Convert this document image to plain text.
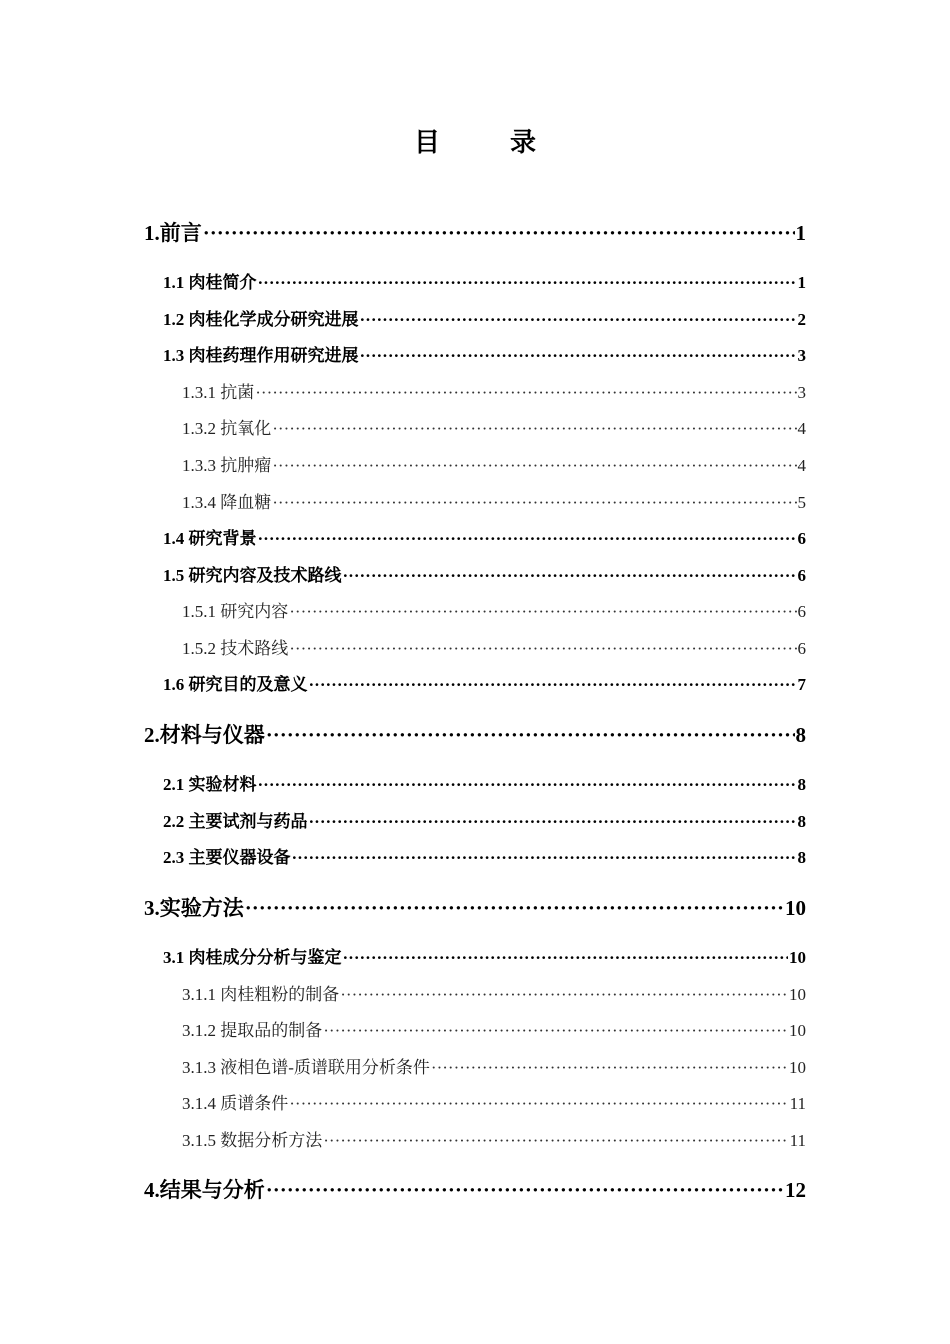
目　录
1.前言 ·····	1
1.1 肉桂简介 ·····	1
1.2 肉桂化学成分研究进展 ·····	2
1.3 肉桂药理作用研究进展 ·····	3
1.3.1 抗菌 ·····	3
1.3.2 抗氧化 ·····	4
1.3.3 抗肿瘤 ·····	4
1.3.4 降血糖 ·····	5
1.4 研究背景 ·····	6
1.5 研究内容及技术路线 ·····	6
1.5.1 研究内容 ·····	6
1.5.2 技术路线 ·····	6
1.6 研究目的及意义 ·····	7
2.材料与仪器 ·····	8
2.1 实验材料 ·····	8
2.2 主要试剂与药品 ·····	8
2.3 主要仪器设备 ·····	8
3.实验方法 ·····	10
3.1 肉桂成分分析与鉴定 ·····	10
3.1.1 肉桂粗粉的制备 ·····	10
3.1.2 提取品的制备 ·····	10
3.1.3 液相色谱-质谱联用分析条件 ·····	10
3.1.4 质谱条件 ·····	11
3.1.5 数据分析方法 ·····	11
4.结果与分析 ·····	12
